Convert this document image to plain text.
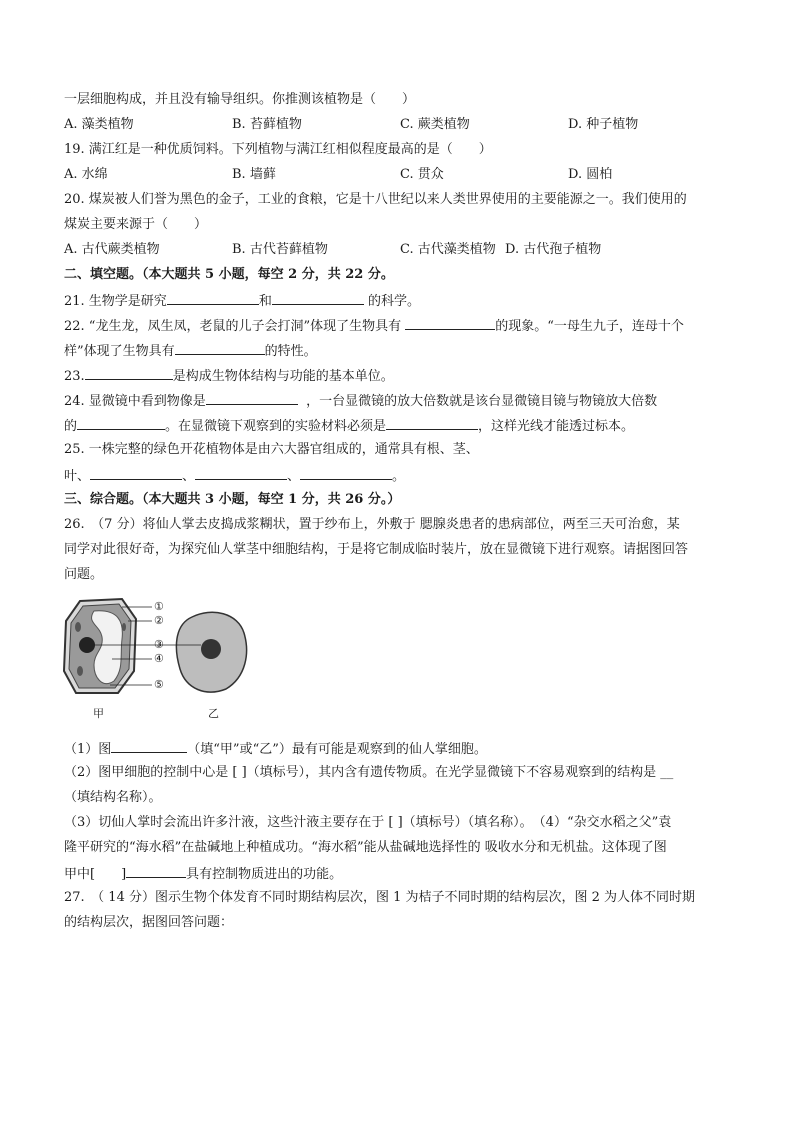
一层细胞构成，并且没有输导组织。你推测该植物是（　　）
A. 藻类植物	B. 苔藓植物	C. 蕨类植物	D. 种子植物
19. 满江红是一种优质饲料。下列植物与满江红相似程度最高的是（　　）
A. 水绵	B. 墙藓	C. 贯众	D. 圆柏
20. 煤炭被人们誉为黑色的金子，工业的食粮，它是十八世纪以来人类世界使用的主要能源之一。我们使用的
煤炭主要来源于（　　）
A. 古代蕨类植物	B. 古代苔藓植物	C. 古代藻类植物 D. 古代孢子植物
二、填空题。（本大题共 5 小题，每空 2 分，共 22 分。
21. 生物学是研究	和	的科学。
22. “龙生龙，凤生凤，老鼠的儿子会打洞”体现了生物具有	的现象。“一母生九子，连母十个
样”体现了生物具有	的特性。
23.	是构成生物体结构与功能的基本单位。
24. 显微镜中看到物像是	，一台显微镜的放大倍数就是该台显微镜目镜与物镜放大倍数
的	。在显微镜下观察到的实验材料必须是	，这样光线才能透过标本。
25. 一株完整的绿色开花植物体是由六大器官组成的，通常具有根、茎、
叶、	、	、	。
三、综合题。（本大题共 3 小题，每空 1 分，共 26 分。）
26.　（7 分）将仙人掌去皮捣成浆糊状，置于纱布上，外敷于 腮腺炎患者的患病部位，两至三天可治愈，某
同学对此很好奇，为探究仙人掌茎中细胞结构，于是将它制成临时装片，放在显微镜下进行观察。请据图回答
问题。
①
②
③
④
⑤
甲	乙
（1）图	（填“甲”或“乙”）最有可能是观察到的仙人掌细胞。
（2）图甲细胞的控制中心是 [ ]（填标号），其内含有遗传物质。在光学显微镜下不容易观察到的结构是 __
（填结构名称）。
（3）切仙人掌时会流出许多汁液，这些汁液主要存在于 [ ]（填标号）（填名称）。　（4）“杂交水稻之父”袁
隆平研究的“海水稻”在盐碱地上种植成功。“海水稻”能从盐碱地选择性的 吸收水分和无机盐。这体现了图
甲中[　　]	具有控制物质进出的功能。
27.　（ 14 分）图示生物个体发育不同时期结构层次，图 1 为桔子不同时期的结构层次，图 2 为人体不同时期
的结构层次，据图回答问题：
